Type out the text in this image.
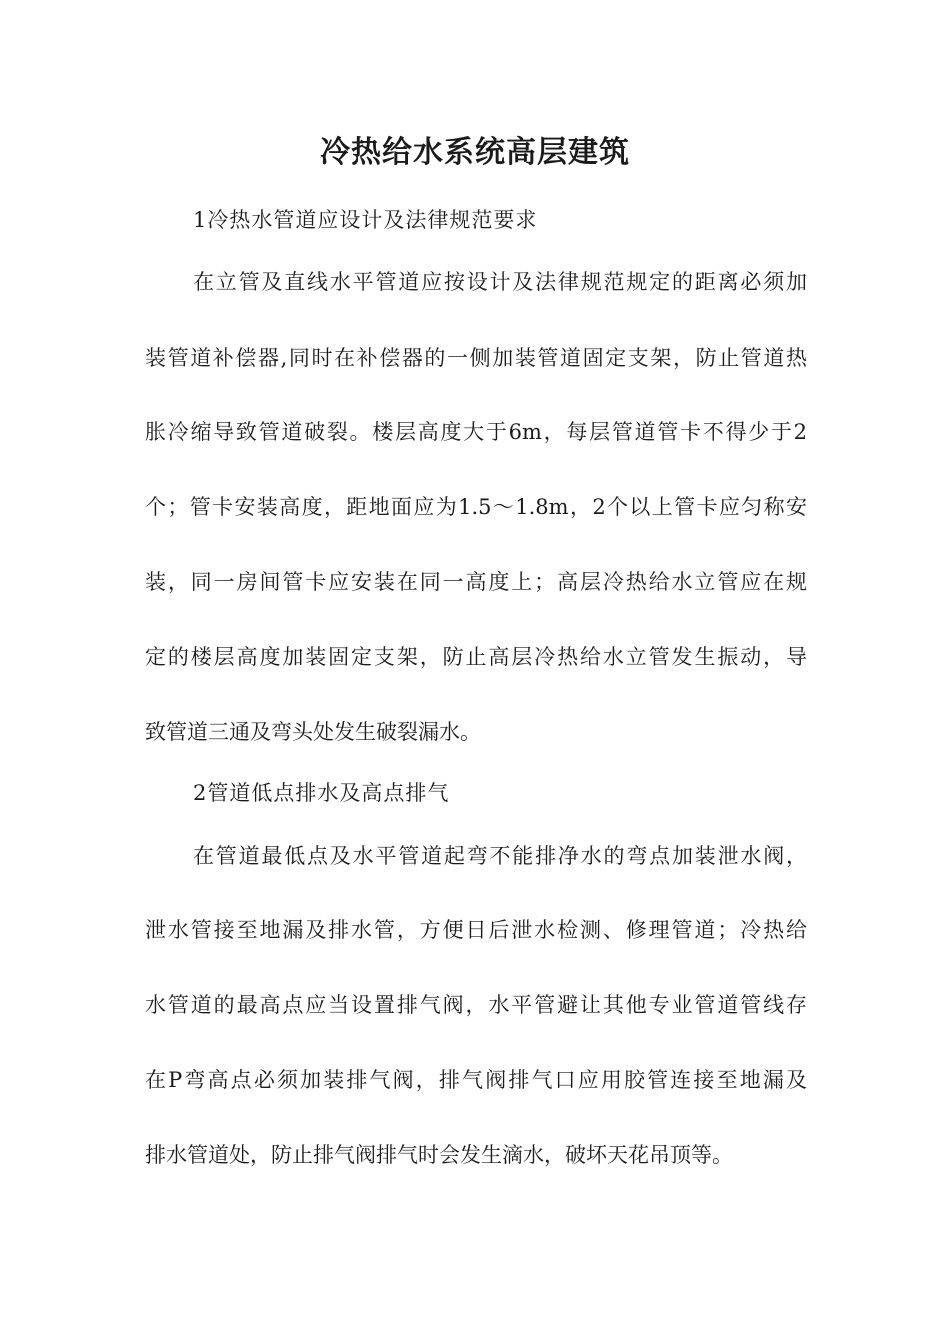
冷热给水系统高层建筑
1冷热水管道应设计及法律规范要求
在立管及直线水平管道应按设计及法律规范规定的距离必须加
装管道补偿器,同时在补偿器的一侧加装管道固定支架，防止管道热
胀冷缩导致管道破裂。楼层高度大于6m，每层管道管卡不得少于2
个；管卡安装高度，距地面应为1.5～1.8m，2个以上管卡应匀称安
装，同一房间管卡应安装在同一高度上；高层冷热给水立管应在规
定的楼层高度加装固定支架，防止高层冷热给水立管发生振动，导
致管道三通及弯头处发生破裂漏水。
2管道低点排水及高点排气
在管道最低点及水平管道起弯不能排净水的弯点加装泄水阀，
泄水管接至地漏及排水管，方便日后泄水检测、修理管道；冷热给
水管道的最高点应当设置排气阀，水平管避让其他专业管道管线存
在P弯高点必须加装排气阀，排气阀排气口应用胶管连接至地漏及
排水管道处，防止排气阀排气时会发生滴水，破坏天花吊顶等。
